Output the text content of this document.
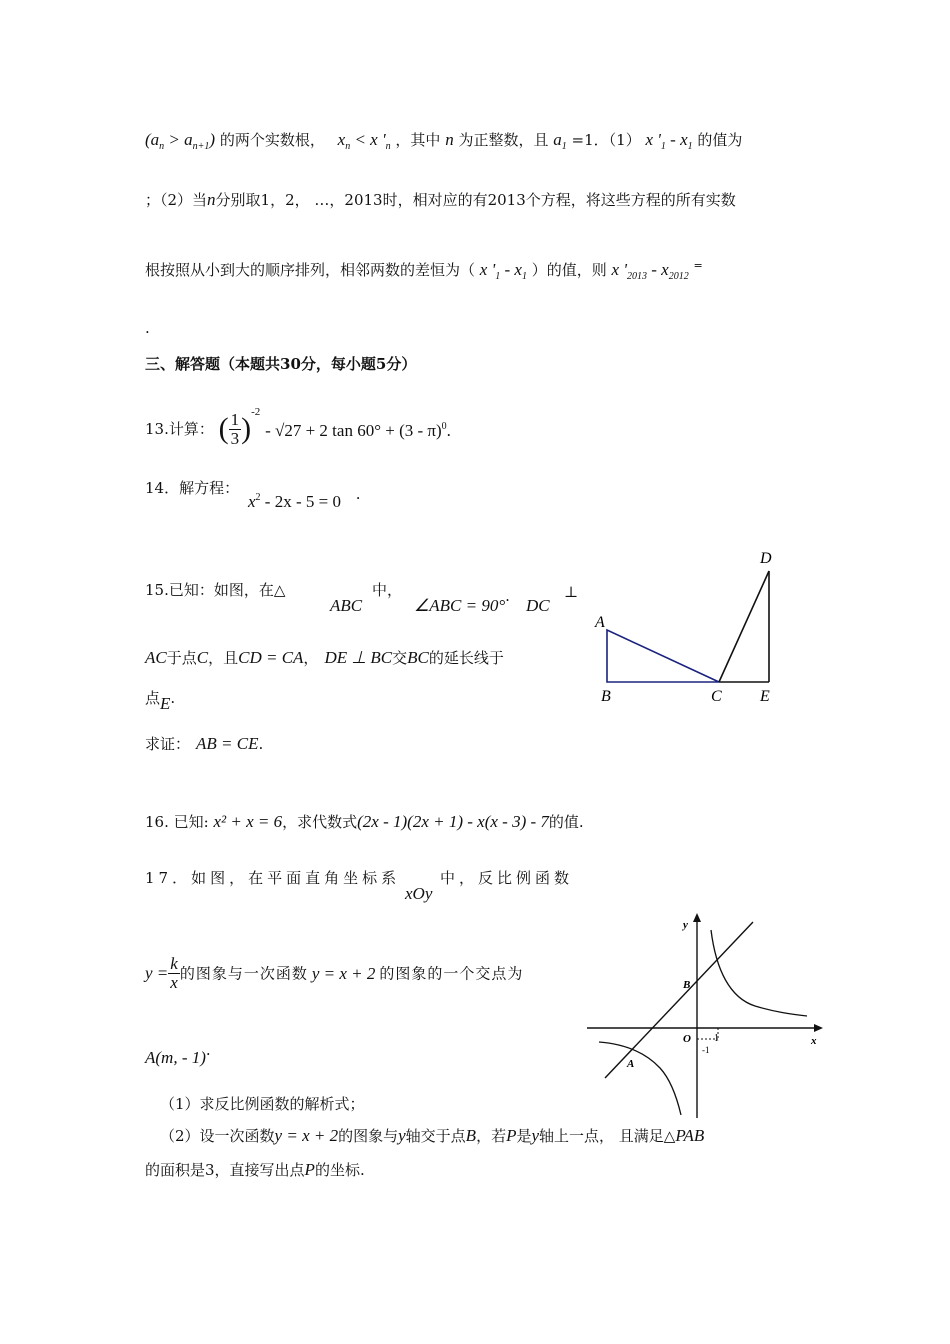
$(a_n > a_{n+1})$ 的两个实数根， $x_n < x$ '$_n$ ，其中 n 为正整数，且 $a_1 =1$．（1） x '$_1 - x_1$ 的值为
；（2）当n分别取1，2， …，2013时，相对应的有2013个方程，将这些方程的所有实数
根按照从小到大的顺序排列，相邻两数的差恒为（ x '$_1 - x_1$ ）的值，则 x '$_{2013} - x_{2012}$ =
.
三、解答题（本题共30分，每小题5分）
13.计算： ( $\frac{1}{3} )^{-2} - √27 + 2$ tan 60° + (3 - π)$^0$.
14．解方程：
$x^2 - 2x - 5 = 0$ .
15.已知：如图，在△
ABC
中，
∠ABC = 90°. DC
⊥
AC于点C，且CD = CA， DE ⊥ BC交BC的延长线于
点E.
求证： AB = CE.
A
B	C
D
E
16. 已知: x² + x = 6，求代数式(2x - 1)(2x + 1) - x(x - 3) - 7的值.
17．如图，在平面直角坐标系
xOy
中，反比例函数
$y = \frac{k}{x}$ 的图象与一次函数 y = x + 2 的图象的一个交点为
A(m, - 1).
（1）求反比例函数的解析式；
（2）设一次函数y = x + 2的图象与y轴交于点B，若P是y轴上一点， 且满足△PAB
的面积是3，直接写出点P的坐标.
y
x
O
B
A
1
-1
